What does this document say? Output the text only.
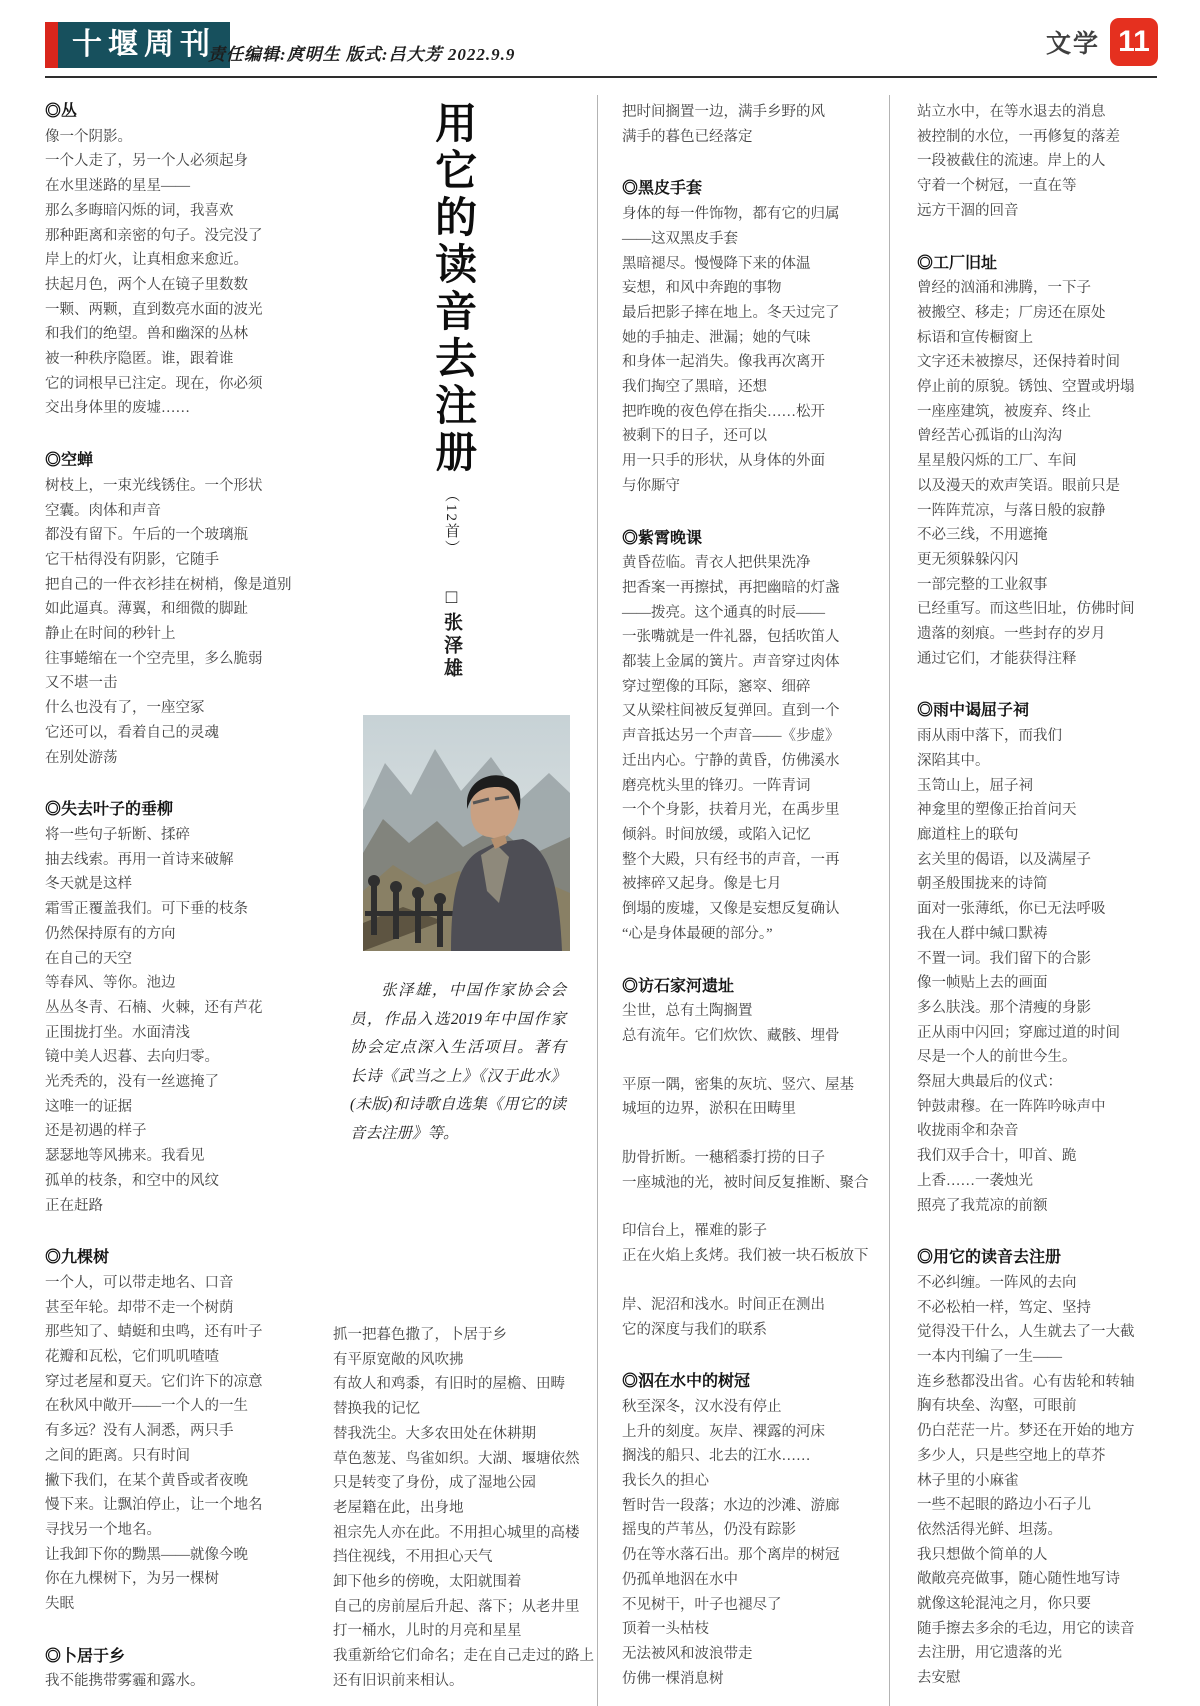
十堰周刊
责任编辑:庹明生 版式:吕大芳 2022.9.9	文学 11
◎丛
像一个阴影。
一个人走了，另一个人必须起身
在水里迷路的星星——
那么多晦暗闪烁的词，我喜欢
那种距离和亲密的句子。没完没了
岸上的灯火，让真相愈来愈近。
扶起月色，两个人在镜子里数数
一颗、两颗，直到数亮水面的波光
和我们的绝望。兽和幽深的丛林
被一种秩序隐匿。谁，跟着谁
它的词根早已注定。现在，你必须
交出身体里的废墟……
◎空蝉
树枝上，一束光线锈住。一个形状
空囊。肉体和声音
都没有留下。午后的一个玻璃瓶
它干枯得没有阴影，它随手
把自己的一件衣衫挂在树梢，像是道别
如此逼真。薄翼，和细微的脚趾
静止在时间的秒针上
往事蜷缩在一个空壳里，多么脆弱
又不堪一击
什么也没有了，一座空冢
它还可以，看着自己的灵魂
在别处游荡
◎失去叶子的垂柳
将一些句子斩断、揉碎
抽去线索。再用一首诗来破解
冬天就是这样
霜雪正覆盖我们。可下垂的枝条
仍然保持原有的方向
在自己的天空
等春风、等你。池边
丛丛冬青、石楠、火棘，还有芦花
正围拢打坐。水面清浅
镜中美人迟暮、去向归零。
光秃秃的，没有一丝遮掩了
这唯一的证据
还是初遇的样子
瑟瑟地等风拂来。我看见
孤单的枝条，和空中的风纹
正在赶路
◎九棵树
一个人，可以带走地名、口音
甚至年轮。却带不走一个树荫
那些知了、蜻蜓和虫鸣，还有叶子
花瓣和瓦松，它们叽叽喳喳
穿过老屋和夏天。它们许下的凉意
在秋风中敞开——一个人的一生
有多远？没有人洞悉，两只手
之间的距离。只有时间
撇下我们，在某个黄昏或者夜晚
慢下来。让飘泊停止，让一个地名
寻找另一个地名。
让我卸下你的黝黑——就像今晚
你在九棵树下，为另一棵树
失眠
◎卜居于乡
我不能携带雾霾和露水。
用它的读音去注册
（12首）
□张泽雄
张泽雄，中国作家协会会员，作品入选2019年中国作家协会定点深入生活项目。著有长诗《武当之上》《汉于此水》(未版)和诗歌自选集《用它的读音去注册》等。
抓一把暮色撒了，卜居于乡
有平原宽敞的风吹拂
有故人和鸡黍，有旧时的屋檐、田畴
替换我的记忆
替我洗尘。大多农田处在休耕期
草色葱茏、鸟雀如织。大湖、堰塘依然
只是转变了身份，成了湿地公园
老屋籍在此，出身地
祖宗先人亦在此。不用担心城里的高楼
挡住视线，不用担心天气
卸下他乡的傍晚，太阳就围着
自己的房前屋后升起、落下；从老井里
打一桶水，儿时的月亮和星星
我重新给它们命名；走在自己走过的路上
还有旧识前来相认。
把时间搁置一边，满手乡野的风
满手的暮色已经落定
◎黑皮手套
身体的每一件饰物，都有它的归属
——这双黑皮手套
黑暗褪尽。慢慢降下来的体温
妄想，和风中奔跑的事物
最后把影子摔在地上。冬天过完了
她的手抽走、泄漏；她的气味
和身体一起消失。像我再次离开
我们掏空了黑暗，还想
把昨晚的夜色停在指尖……松开
被剩下的日子，还可以
用一只手的形状，从身体的外面
与你厮守
◎紫霄晚课
黄昏莅临。青衣人把供果洗净
把香案一再擦拭，再把幽暗的灯盏
——拨亮。这个通真的时辰——
一张嘴就是一件礼器，包括吹笛人
都装上金属的簧片。声音穿过肉体
穿过塑像的耳际，窸窣、细碎
又从梁柱间被反复弹回。直到一个
声音抵达另一个声音——《步虚》
迁出内心。宁静的黄昏，仿佛溪水
磨亮枕头里的锋刃。一阵青词
一个个身影，扶着月光，在禹步里
倾斜。时间放缓，或陷入记忆
整个大殿，只有经书的声音，一再
被摔碎又起身。像是七月
倒塌的废墟，又像是妄想反复确认
“心是身体最硬的部分。”
◎访石家河遗址
尘世，总有土陶搁置
总有流年。它们炊饮、藏骸、埋骨
平原一隅，密集的灰坑、竖穴、屋基
城垣的边界，淤积在田畴里
肋骨折断。一穗稻黍打捞的日子
一座城池的光，被时间反复推断、聚合
印信台上，罹难的影子
正在火焰上炙烤。我们被一块石板放下
岸、泥沼和浅水。时间正在测出
它的深度与我们的联系
◎泅在水中的树冠
秋至深冬，汉水没有停止
上升的刻度。灰岸、裸露的河床
搁浅的船只、北去的江水……
我长久的担心
暂时告一段落；水边的沙滩、游廊
摇曳的芦苇丛，仍没有踪影
仍在等水落石出。那个离岸的树冠
仍孤单地泅在水中
不见树干，叶子也褪尽了
顶着一头枯枝
无法被风和波浪带走
仿佛一棵消息树
站立水中，在等水退去的消息
被控制的水位，一再修复的落差
一段被截住的流速。岸上的人
守着一个树冠，一直在等
远方干涸的回音
◎工厂旧址
曾经的汹涌和沸腾，一下子
被搬空、移走；厂房还在原处
标语和宣传橱窗上
文字还未被擦尽，还保持着时间
停止前的原貌。锈蚀、空置或坍塌
一座座建筑，被废弃、终止
曾经苦心孤诣的山沟沟
星星般闪烁的工厂、车间
以及漫天的欢声笑语。眼前只是
一阵阵荒凉，与落日般的寂静
不必三线，不用遮掩
更无须躲躲闪闪
一部完整的工业叙事
已经重写。而这些旧址，仿佛时间
遗落的刻痕。一些封存的岁月
通过它们，才能获得注释
◎雨中谒屈子祠
雨从雨中落下，而我们
深陷其中。
玉笥山上，屈子祠
神龛里的塑像正抬首问天
廊道柱上的联句
玄关里的偈语，以及满屋子
朝圣般围拢来的诗简
面对一张薄纸，你已无法呼吸
我在人群中缄口默祷
不置一词。我们留下的合影
像一帧贴上去的画面
多么肤浅。那个清瘦的身影
正从雨中闪回；穿廊过道的时间
尽是一个人的前世今生。
祭屈大典最后的仪式：
钟鼓肃穆。在一阵阵吟咏声中
收拢雨伞和杂音
我们双手合十，叩首、跪
上香……一袭烛光
照亮了我荒凉的前额
◎用它的读音去注册
不必纠缠。一阵风的去向
不必松柏一样，笃定、坚持
觉得没干什么，人生就去了一大截
一本内刊编了一生——
连乡愁都没出省。心有齿轮和转轴
胸有块垒、沟壑，可眼前
仍白茫茫一片。梦还在开始的地方
多少人，只是些空地上的草芥
林子里的小麻雀
一些不起眼的路边小石子儿
依然活得光鲜、坦荡。
我只想做个简单的人
敞敞亮亮做事，随心随性地写诗
就像这轮混沌之月，你只要
随手擦去多余的毛边，用它的读音
去注册，用它遗落的光
去安慰
